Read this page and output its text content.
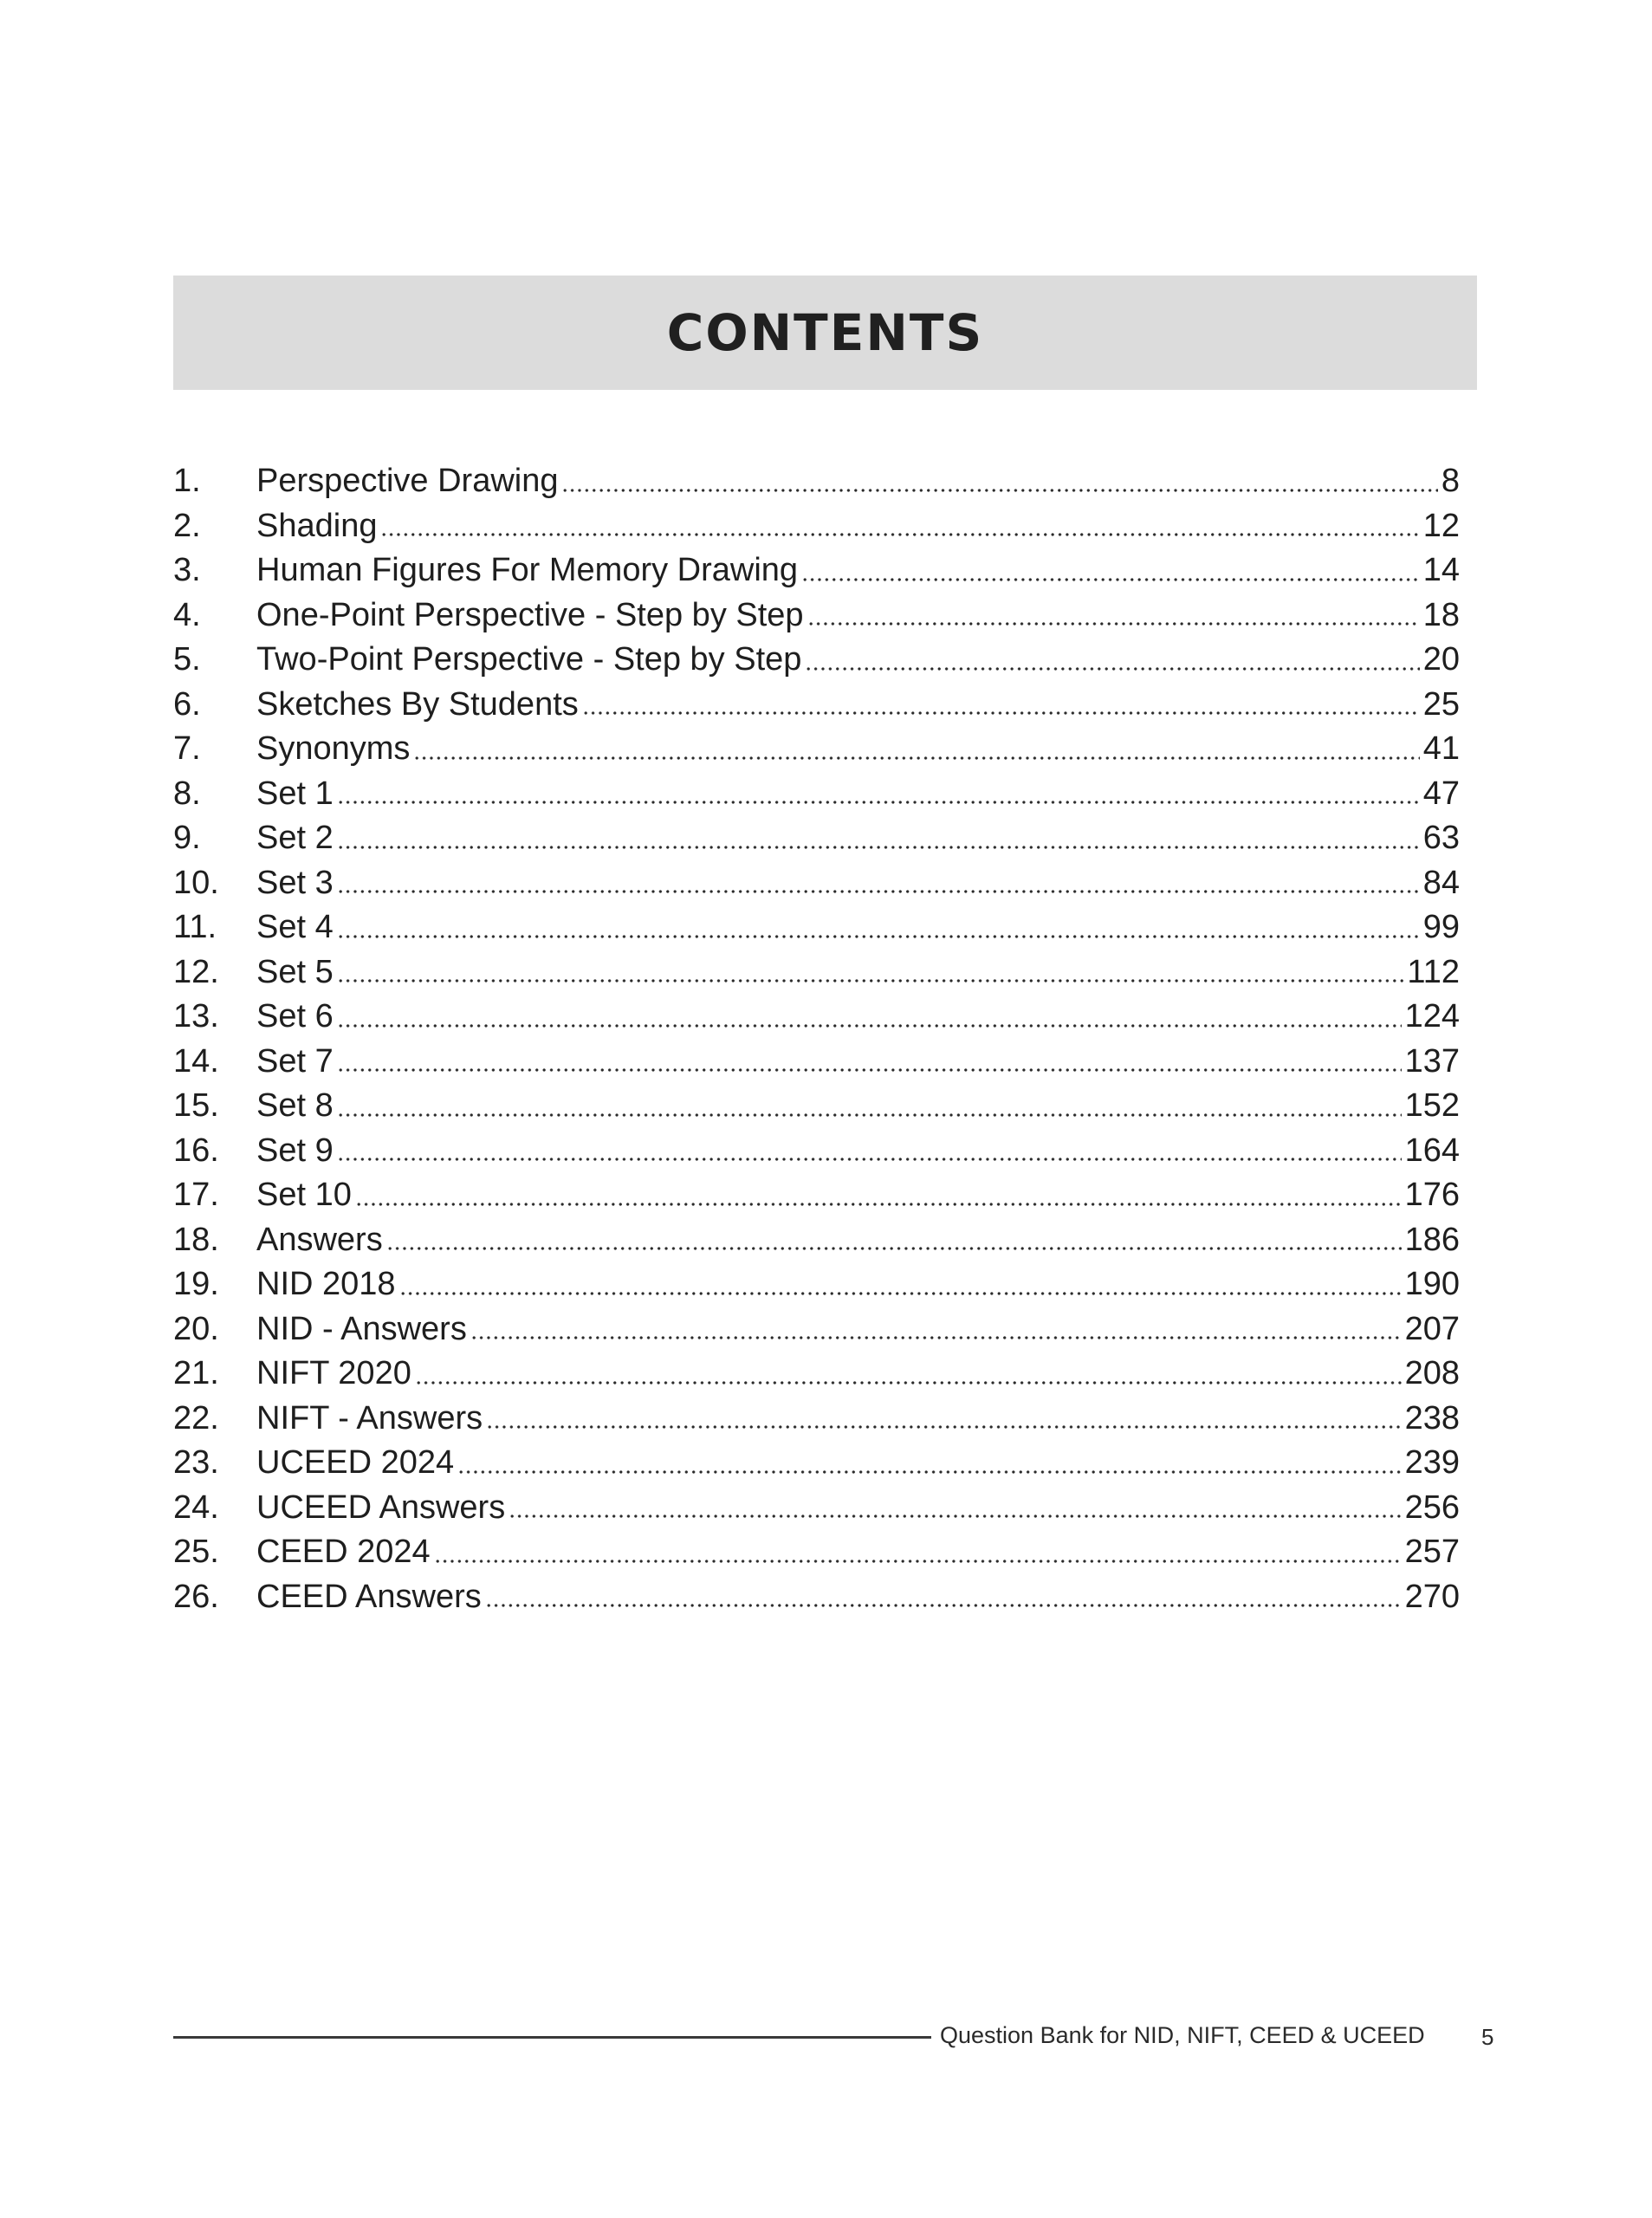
CONTENTS
1.	Perspective Drawing	8
2.	Shading	12
3.	Human Figures For Memory Drawing	14
4.	One-Point Perspective - Step by Step	18
5.	Two-Point Perspective - Step by Step	20
6.	Sketches By Students	25
7.	Synonyms	41
8.	Set 1	47
9.	Set 2	63
10.	Set 3	84
11.	Set 4	99
12.	Set 5	112
13.	Set 6	124
14.	Set 7	137
15.	Set 8	152
16.	Set 9	164
17.	Set 10	176
18.	Answers	186
19.	NID 2018	190
20.	NID - Answers	207
21.	NIFT 2020	208
22.	NIFT - Answers	238
23.	UCEED 2024	239
24.	UCEED Answers	256
25.	CEED 2024	257
26.	CEED Answers	270
Question Bank for NID, NIFT, CEED & UCEED	5
